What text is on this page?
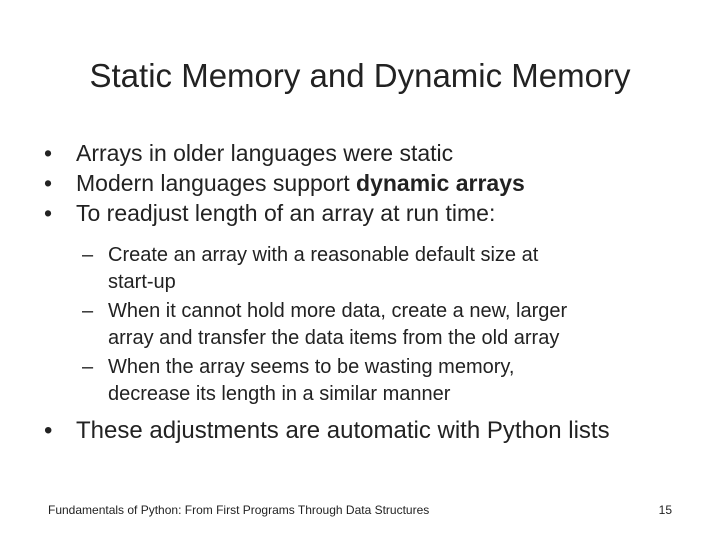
Static Memory and Dynamic Memory
• Arrays in older languages were static
• Modern languages support dynamic arrays
• To readjust length of an array at run time:
– Create an array with a reasonable default size at
start-up
– When it cannot hold more data, create a new, larger
array and transfer the data items from the old array
– When the array seems to be wasting memory,
decrease its length in a similar manner
• These adjustments are automatic with Python lists
Fundamentals of Python: From First Programs Through Data Structures	15
